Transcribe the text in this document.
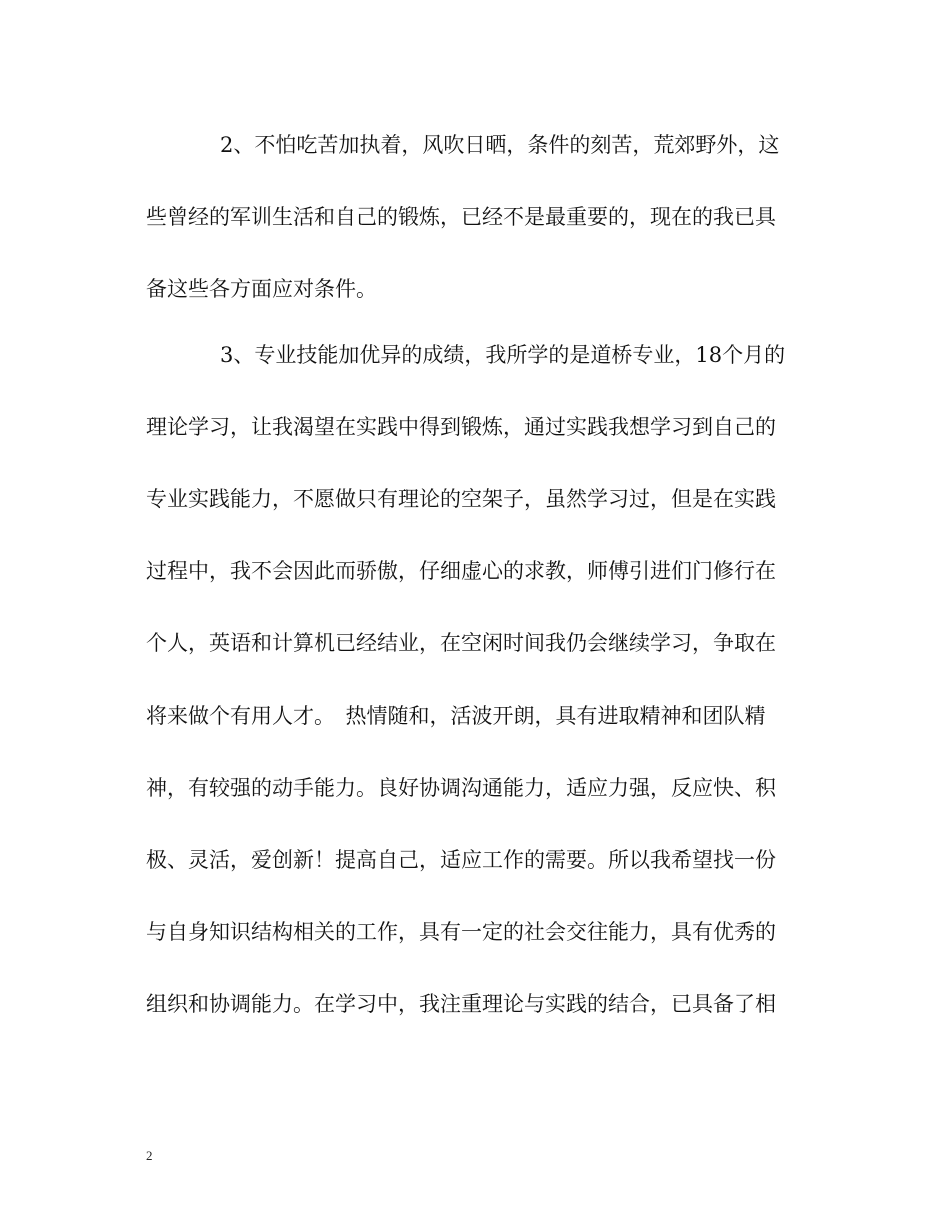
2、不怕吃苦加执着，风吹日晒，条件的刻苦，荒郊野外，这
些曾经的军训生活和自己的锻炼，已经不是最重要的，现在的我已具
备这些各方面应对条件。
3、专业技能加优异的成绩，我所学的是道桥专业，18个月的
理论学习，让我渴望在实践中得到锻炼，通过实践我想学习到自己的
专业实践能力，不愿做只有理论的空架子，虽然学习过，但是在实践
过程中，我不会因此而骄傲，仔细虚心的求教，师傅引进们门修行在
个人，英语和计算机已经结业，在空闲时间我仍会继续学习，争取在
将来做个有用人才。　热情随和，活波开朗，具有进取精神和团队精
神，有较强的动手能力。良好协调沟通能力，适应力强，反应快、积
极、灵活，爱创新！提高自己，适应工作的需要。所以我希望找一份
与自身知识结构相关的工作，具有一定的社会交往能力，具有优秀的
组织和协调能力。在学习中，我注重理论与实践的结合，已具备了相
2
